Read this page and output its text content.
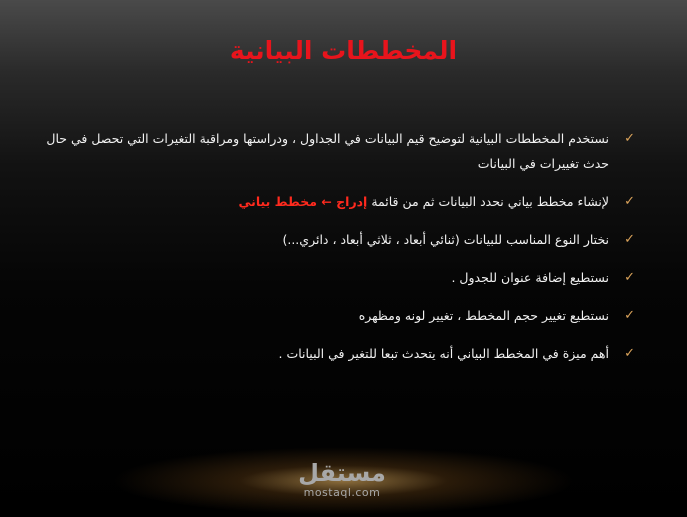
المخططات البيانية
✓
نستخدم المخططات البيانية لتوضيح قيم البيانات في الجداول ، ودراستها ومراقبة التغيرات التي تحصل في حال حدث تغييرات في البيانات
✓
لإنشاء مخطط بياني نحدد البيانات ثم من قائمة إدراج ← مخطط بياني
✓
نختار النوع المناسب للبيانات (ثنائي أبعاد ، ثلاثي أبعاد ، دائري...)
✓
نستطيع إضافة عنوان للجدول .
✓
نستطيع تغيير حجم المخطط ، تغيير لونه ومظهره
✓
أهم ميزة في المخطط البياني أنه يتحدث تبعا للتغير في البيانات .
مستقل
mostaql.com
